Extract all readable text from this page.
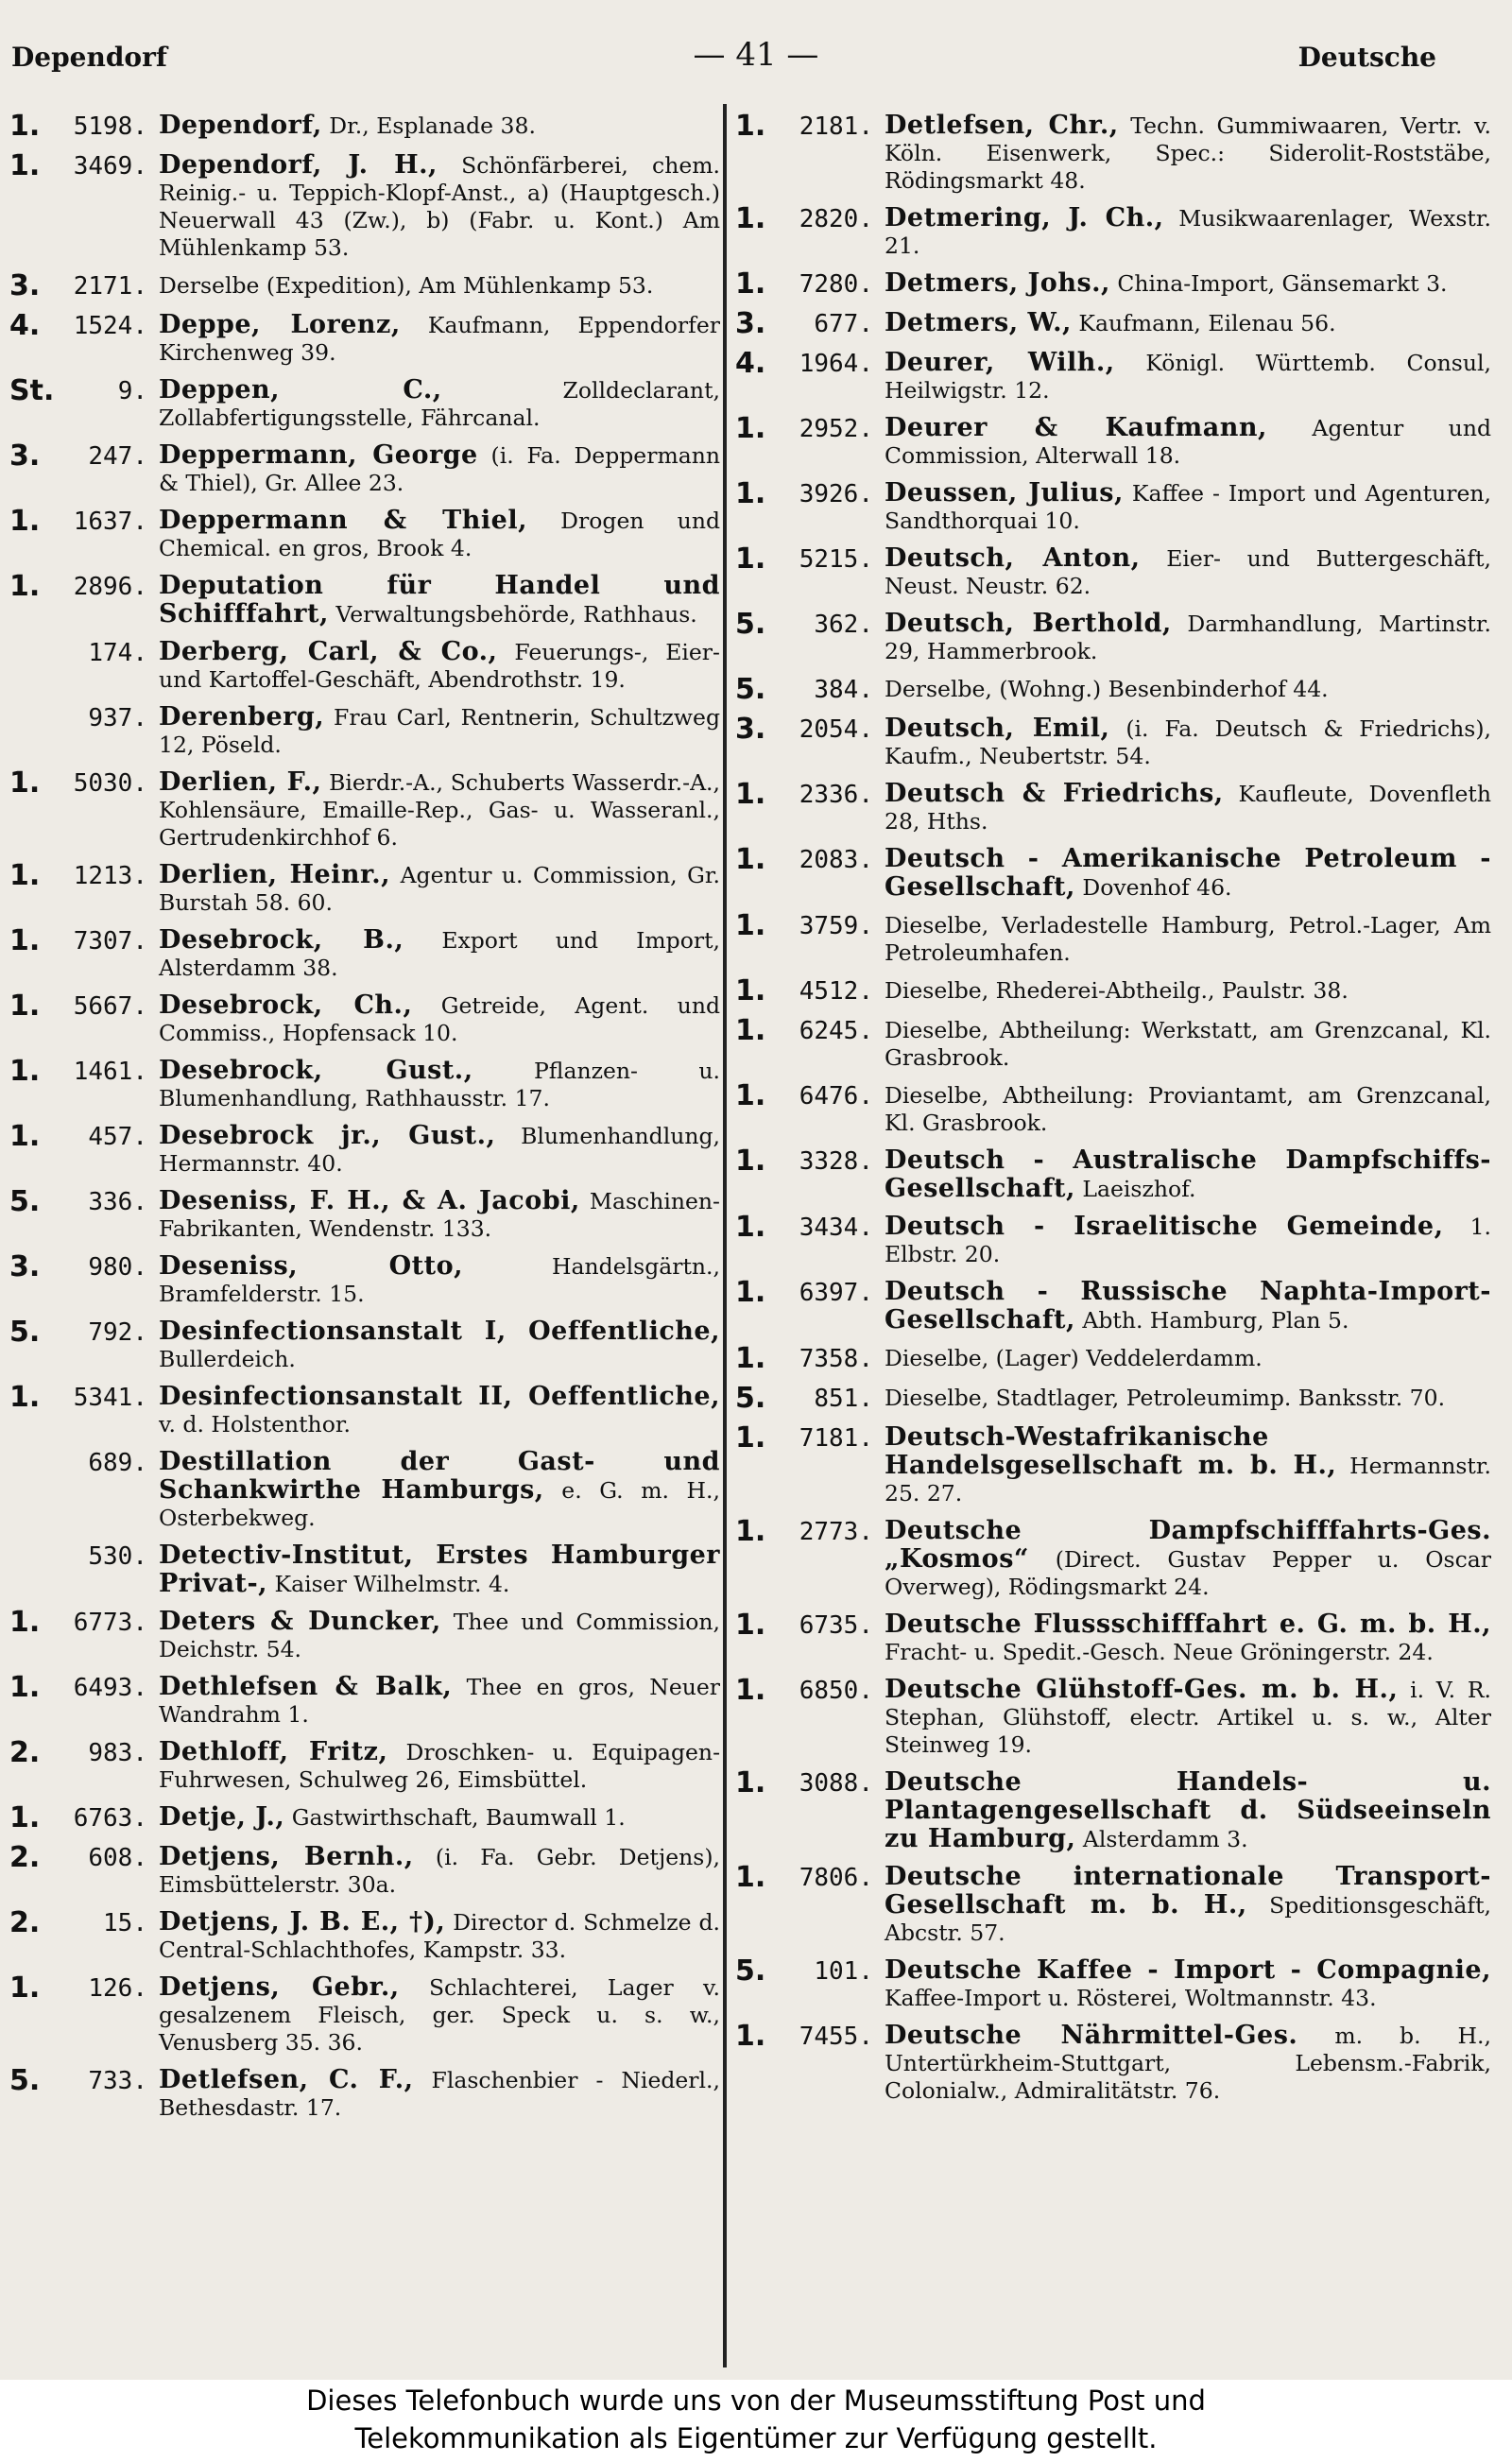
Dependorf	— 41 —	Deutsche
1.	5198. Dependorf, Dr., Esplanade 38.
1.	3469. Dependorf, J. H., Schönfärberei, chem. Reinig.- u. Teppich-Klopf-Anst., a) (Hauptgesch.) Neuerwall 43 (Zw.), b) (Fabr. u. Kont.) Am Mühlenkamp 53.
3.	2171. Derselbe (Expedition), Am Mühlenkamp 53.
4.	1524. Deppe, Lorenz, Kaufmann, Eppendorfer Kirchenweg 39.
St.	9. Deppen, C., Zolldeclarant, Zollabfertigungsstelle, Fährcanal.
3.	247. Deppermann, George (i. Fa. Deppermann & Thiel), Gr. Allee 23.
1.	1637. Deppermann & Thiel, Drogen und Chemical. en gros, Brook 4.
1.	2896. Deputation für Handel und Schifffahrt, Verwaltungsbehörde, Rathhaus.
174. Derberg, Carl, & Co., Feuerungs-, Eier- und Kartoffel-Geschäft, Abendrothstr. 19.
937. Derenberg, Frau Carl, Rentnerin, Schultzweg 12, Pöseld.
1.	5030. Derlien, F., Bierdr.-A., Schuberts Wasserdr.-A., Kohlensäure, Emaille-Rep., Gas- u. Wasseranl., Gertrudenkirchhof 6.
1.	1213. Derlien, Heinr., Agentur u. Commission, Gr. Burstah 58. 60.
1.	7307. Desebrock, B., Export und Import, Alsterdamm 38.
1.	5667. Desebrock, Ch., Getreide, Agent. und Commiss., Hopfensack 10.
1.	1461. Desebrock, Gust., Pflanzen- u. Blumenhandlung, Rathhausstr. 17.
1.	457. Desebrock jr., Gust., Blumenhandlung, Hermannstr. 40.
5.	336. Deseniss, F. H., & A. Jacobi, Maschinen-Fabrikanten, Wendenstr. 133.
3.	980. Deseniss, Otto, Handelsgärtn., Bramfelderstr. 15.
5.	792. Desinfectionsanstalt I, Oeffentliche, Bullerdeich.
1.	5341. Desinfectionsanstalt II, Oeffentliche, v. d. Holstenthor.
689. Destillation der Gast- und Schankwirthe Hamburgs, e. G. m. H., Osterbekweg.
530. Detectiv-Institut, Erstes Hamburger Privat-, Kaiser Wilhelmstr. 4.
1.	6773. Deters & Duncker, Thee und Commission, Deichstr. 54.
1.	6493. Dethlefsen & Balk, Thee en gros, Neuer Wandrahm 1.
2.	983. Dethloff, Fritz, Droschken- u. Equipagen-Fuhrwesen, Schulweg 26, Eimsbüttel.
1.	6763. Detje, J., Gastwirthschaft, Baumwall 1.
2.	608. Detjens, Bernh., (i. Fa. Gebr. Detjens), Eimsbüttelerstr. 30a.
2.	15. Detjens, J. B. E., †), Director d. Schmelze d. Central-Schlachthofes, Kampstr. 33.
1.	126. Detjens, Gebr., Schlachterei, Lager v. gesalzenem Fleisch, ger. Speck u. s. w., Venusberg 35. 36.
5.	733. Detlefsen, C. F., Flaschenbier - Niederl., Bethesdastr. 17.
1.	2181. Detlefsen, Chr., Techn. Gummiwaaren, Vertr. v. Köln. Eisenwerk, Spec.: Siderolit-Roststäbe, Rödingsmarkt 48.
1.	2820. Detmering, J. Ch., Musikwaarenlager, Wexstr. 21.
1.	7280. Detmers, Johs., China-Import, Gänsemarkt 3.
3.	677. Detmers, W., Kaufmann, Eilenau 56.
4.	1964. Deurer, Wilh., Königl. Württemb. Consul, Heilwigstr. 12.
1.	2952. Deurer & Kaufmann, Agentur und Commission, Alterwall 18.
1.	3926. Deussen, Julius, Kaffee - Import und Agenturen, Sandthorquai 10.
1.	5215. Deutsch, Anton, Eier- und Buttergeschäft, Neust. Neustr. 62.
5.	362. Deutsch, Berthold, Darmhandlung, Martinstr. 29, Hammerbrook.
5.	384. Derselbe, (Wohng.) Besenbinderhof 44.
3.	2054. Deutsch, Emil, (i. Fa. Deutsch & Friedrichs), Kaufm., Neubertstr. 54.
1.	2336. Deutsch & Friedrichs, Kaufleute, Dovenfleth 28, Hths.
1.	2083. Deutsch - Amerikanische Petroleum - Gesellschaft, Dovenhof 46.
1.	3759. Dieselbe, Verladestelle Hamburg, Petrol.-Lager, Am Petroleumhafen.
1.	4512. Dieselbe, Rhederei-Abtheilg., Paulstr. 38.
1.	6245. Dieselbe, Abtheilung: Werkstatt, am Grenzcanal, Kl. Grasbrook.
1.	6476. Dieselbe, Abtheilung: Proviantamt, am Grenzcanal, Kl. Grasbrook.
1.	3328. Deutsch - Australische Dampfschiffs-Gesellschaft, Laeiszhof.
1.	3434. Deutsch - Israelitische Gemeinde, 1. Elbstr. 20.
1.	6397. Deutsch - Russische Naphta-Import-Gesellschaft, Abth. Hamburg, Plan 5.
1.	7358. Dieselbe, (Lager) Veddelerdamm.
5.	851. Dieselbe, Stadtlager, Petroleumimp. Banksstr. 70.
1.	7181. Deutsch-Westafrikanische Handelsgesellschaft m. b. H., Hermannstr. 25. 27.
1.	2773. Deutsche Dampfschifffahrts-Ges. „Kosmos“ (Direct. Gustav Pepper u. Oscar Overweg), Rödingsmarkt 24.
1.	6735. Deutsche Flussschifffahrt e. G. m. b. H., Fracht- u. Spedit.-Gesch. Neue Gröningerstr. 24.
1.	6850. Deutsche Glühstoff-Ges. m. b. H., i. V. R. Stephan, Glühstoff, electr. Artikel u. s. w., Alter Steinweg 19.
1.	3088. Deutsche Handels- u. Plantagengesellschaft d. Südseeinseln zu Hamburg, Alsterdamm 3.
1.	7806. Deutsche internationale Transport-Gesellschaft m. b. H., Speditionsgeschäft, Abcstr. 57.
5.	101. Deutsche Kaffee - Import - Compagnie, Kaffee-Import u. Rösterei, Woltmannstr. 43.
1.	7455. Deutsche Nährmittel-Ges. m. b. H., Untertürkheim-Stuttgart, Lebensm.-Fabrik, Colonialw., Admiralitätstr. 76.
Dieses Telefonbuch wurde uns von der Museumsstiftung Post und
Telekommunikation als Eigentümer zur Verfügung gestellt.
